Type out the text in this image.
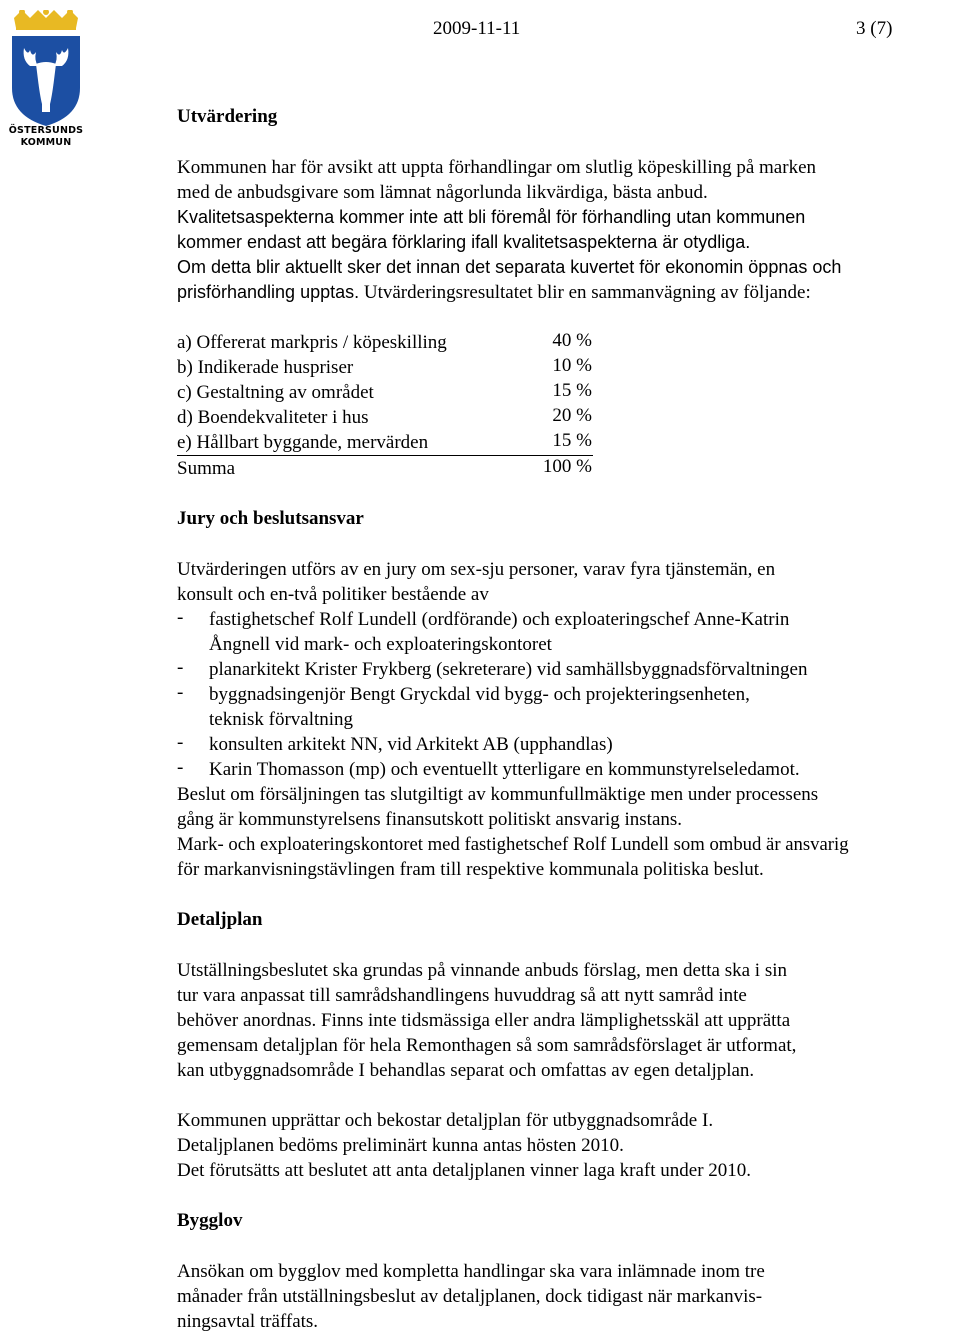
ÖSTERSUNDS
KOMMUN
2009-11-11	3 (7)
Utvärdering
Kommunen har för avsikt att uppta förhandlingar om slutlig köpeskilling på marken
med de anbudsgivare som lämnat någorlunda likvärdiga, bästa anbud.
Kvalitetsaspekterna kommer inte att bli föremål för förhandling utan kommunen
kommer endast att begära förklaring ifall kvalitetsaspekterna är otydliga.
Om detta blir aktuellt sker det innan det separata kuvertet för ekonomin öppnas och
prisförhandling upptas. Utvärderingsresultatet blir en sammanvägning av följande:
a) Offererat markpris / köpeskilling	40 %
b) Indikerade huspriser	10 %
c) Gestaltning av området	15 %
d) Boendekvaliteter i hus	20 %
e) Hållbart byggande, mervärden	15 %
Summa	100 %
Jury och beslutsansvar
Utvärderingen utförs av en jury om sex-sju personer, varav fyra tjänstemän, en
konsult och en-två politiker bestående av
- fastighetschef Rolf Lundell (ordförande) och exploateringschef Anne-Katrin
Ångnell vid mark- och exploateringskontoret
- planarkitekt Krister Frykberg (sekreterare) vid samhällsbyggnadsförvaltningen
- byggnadsingenjör Bengt Gryckdal vid bygg- och projekteringsenheten,
teknisk förvaltning
- konsulten arkitekt NN, vid Arkitekt AB (upphandlas)
- Karin Thomasson (mp) och eventuellt ytterligare en kommunstyrelseledamot.
Beslut om försäljningen tas slutgiltigt av kommunfullmäktige men under processens
gång är kommunstyrelsens finansutskott politiskt ansvarig instans.
Mark- och exploateringskontoret med fastighetschef Rolf Lundell som ombud är ansvarig
för markanvisningstävlingen fram till respektive kommunala politiska beslut.
Detaljplan
Utställningsbeslutet ska grundas på vinnande anbuds förslag, men detta ska i sin
tur vara anpassat till samrådshandlingens huvuddrag så att nytt samråd inte
behöver anordnas. Finns inte tidsmässiga eller andra lämplighetsskäl att upprätta
gemensam detaljplan för hela Remonthagen så som samrådsförslaget är utformat,
kan utbyggnadsområde I behandlas separat och omfattas av egen detaljplan.
Kommunen upprättar och bekostar detaljplan för utbyggnadsområde I.
Detaljplanen bedöms preliminärt kunna antas hösten 2010.
Det förutsätts att beslutet att anta detaljplanen vinner laga kraft under 2010.
Bygglov
Ansökan om bygglov med kompletta handlingar ska vara inlämnade inom tre
månader från utställningsbeslut av detaljplanen, dock tidigast när markanvis-
ningsavtal träffats.
